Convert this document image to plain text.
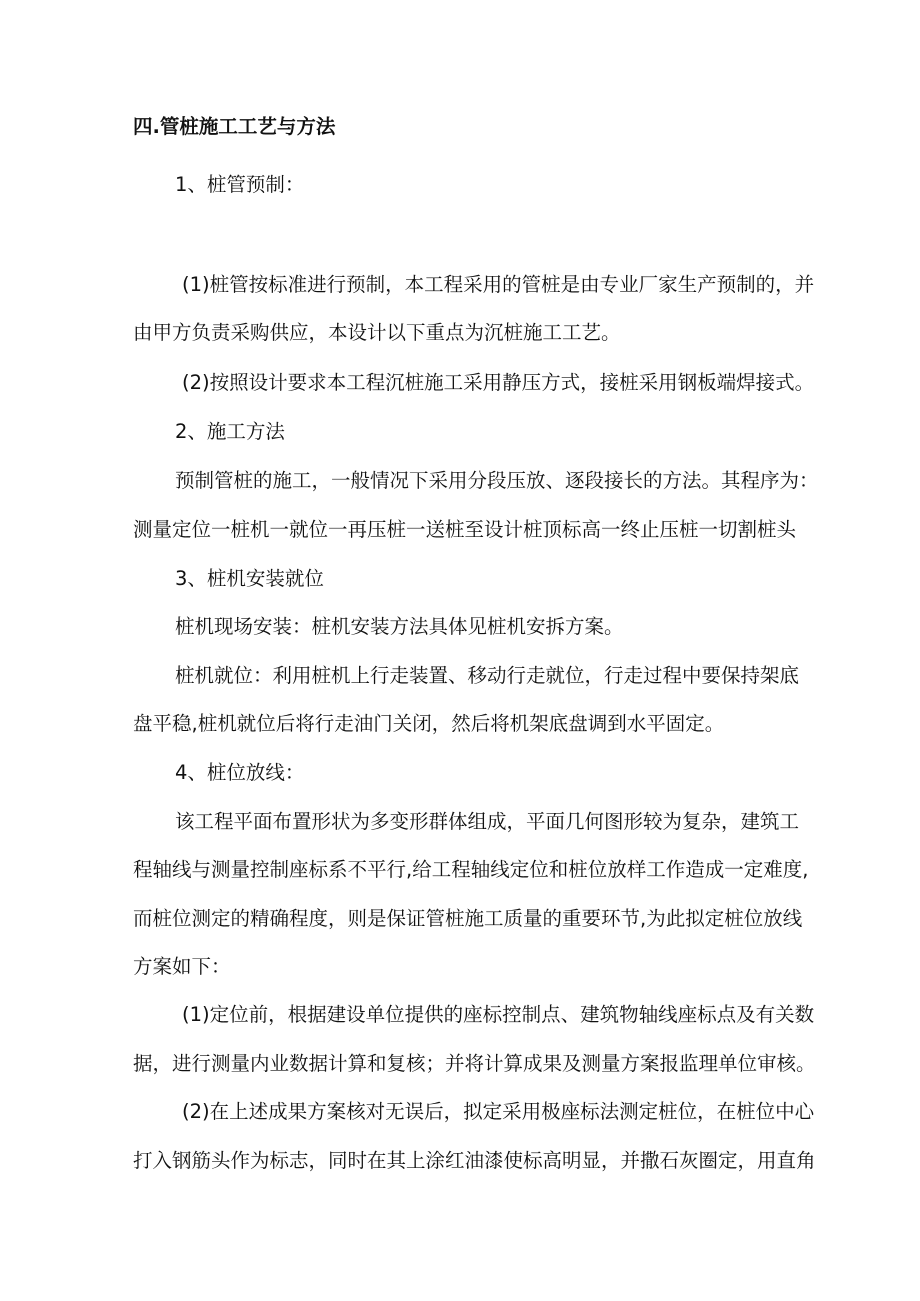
四.管桩施工工艺与方法
1、桩管预制：
(1)桩管按标准进行预制，本工程采用的管桩是由专业厂家生产预制的，并
由甲方负责采购供应，本设计以下重点为沉桩施工工艺。
(2)按照设计要求本工程沉桩施工采用静压方式，接桩采用钢板端焊接式。
2、施工方法
预制管桩的施工，一般情况下采用分段压放、逐段接长的方法。其程序为：
测量定位一桩机一就位一再压桩一送桩至设计桩顶标高一终止压桩一切割桩头
3、桩机安装就位
桩机现场安装：桩机安装方法具体见桩机安拆方案。
桩机就位：利用桩机上行走装置、移动行走就位，行走过程中要保持架底
盘平稳,桩机就位后将行走油门关闭，然后将机架底盘调到水平固定。
4、桩位放线：
该工程平面布置形状为多变形群体组成，平面几何图形较为复杂，建筑工
程轴线与测量控制座标系不平行,给工程轴线定位和桩位放样工作造成一定难度,
而桩位测定的精确程度，则是保证管桩施工质量的重要环节,为此拟定桩位放线
方案如下：
(1)定位前，根据建设单位提供的座标控制点、建筑物轴线座标点及有关数
据，进行测量内业数据计算和复核；并将计算成果及测量方案报监理单位审核。
(2)在上述成果方案核对无误后，拟定采用极座标法测定桩位，在桩位中心
打入钢筋头作为标志，同时在其上涂红油漆使标高明显，并撒石灰圈定，用直角
